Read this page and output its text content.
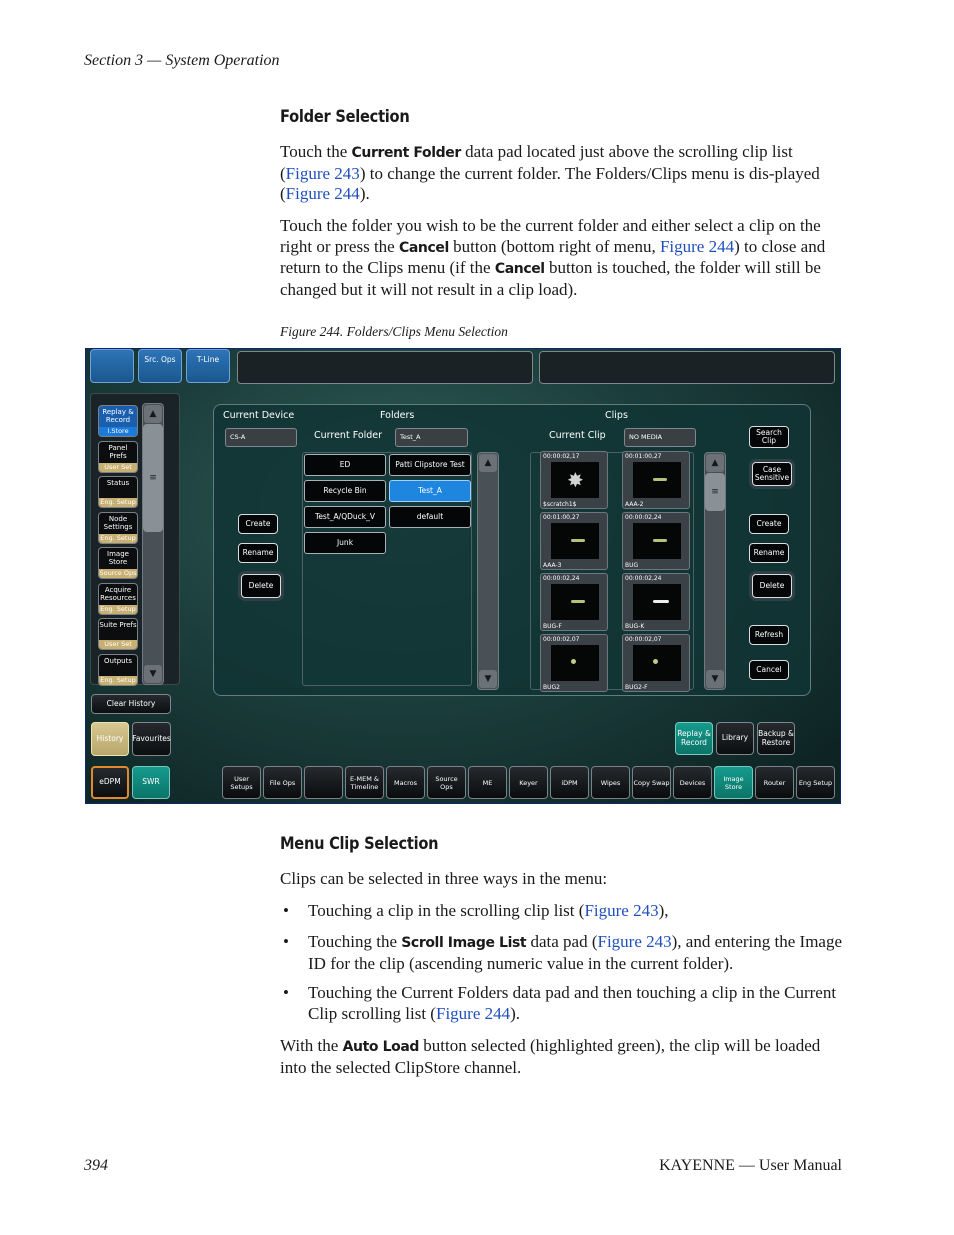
Section 3 — System Operation
Folder Selection
Touch the Current Folder data pad located just above the scrolling clip list (Figure 243) to change the current folder. The Folders/Clips menu is dis-played (Figure 244).
Touch the folder you wish to be the current folder and either select a clip on the right or press the Cancel button (bottom right of menu, Figure 244) to close and return to the Clips menu (if the Cancel button is touched, the folder will still be changed but it will not result in a clip load).
Figure 244. Folders/Clips Menu Selection
Src. Ops	T-Line
Replay & Record
I.Store
Panel Prefs
User Set
Status
Eng. Setup
Node Settings
Eng. Setup
Image Store
Source Ops
Acquire Resources
Eng. Setup
Suite Prefs
User Set
Outputs
Eng. Setup
▲
≡
▼
Clear History
History	Favourites
Current Device	Folders	Clips
CS-A	Current Folder	Test_A	Current Clip	NO MEDIA
ED	Patti Clipstore Test
Recycle Bin	Test_A
Test_A/QDuck_V	default
Junk
▲
▼
Create
Rename
Delete
00:00:02,17
✸
$scratch1$
00:01:00,27
AAA-2
00:01:00,27
AAA-3
00:00:02,24
BUG
00:00:02,24
BUG-F
00:00:02,24
BUG-K
00:00:02,07
BUG2
00:00:02,07
BUG2-F
▲
≡
▼
Search Clip
Case Sensitive
Create
Rename
Delete
Refresh
Cancel
Replay & Record	Library	Backup & Restore
eDPM	SWR	User Setups	File Ops	E-MEM & Timeline	Macros	Source Ops	ME	Keyer	iDPM	Wipes	Copy Swap	Devices	Image Store	Router	Eng Setup
Menu Clip Selection
Clips can be selected in three ways in the menu:
• Touching a clip in the scrolling clip list (Figure 243),
• Touching the Scroll Image List data pad (Figure 243), and entering the Image ID for the clip (ascending numeric value in the current folder).
• Touching the Current Folders data pad and then touching a clip in the Current Clip scrolling list (Figure 244).
With the Auto Load button selected (highlighted green), the clip will be loaded into the selected ClipStore channel.
394	KAYENNE — User Manual
